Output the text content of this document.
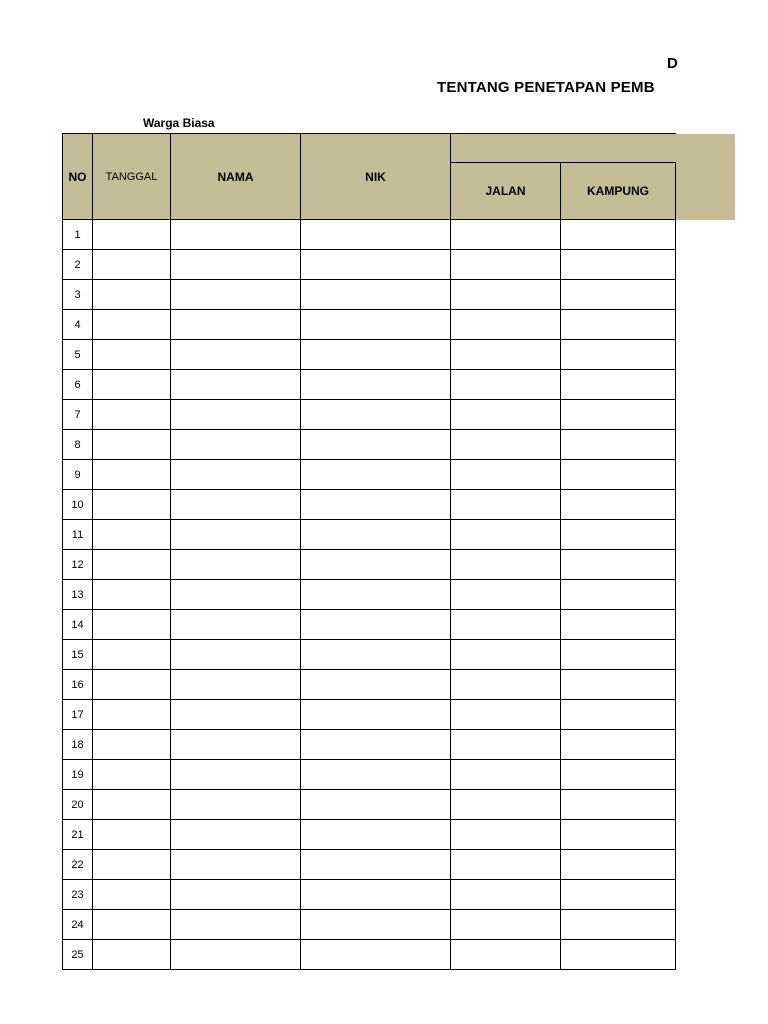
D
TENTANG PENETAPAN PEMB
Warga Biasa
NO	TANGGAL	NAMA	NIK		
				JALAN	KAMPUNG
1					
2					
3					
4					
5					
6					
7					
8					
9					
10					
11					
12					
13					
14					
15					
16					
17					
18					
19					
20					
21					
22					
23					
24					
25					
